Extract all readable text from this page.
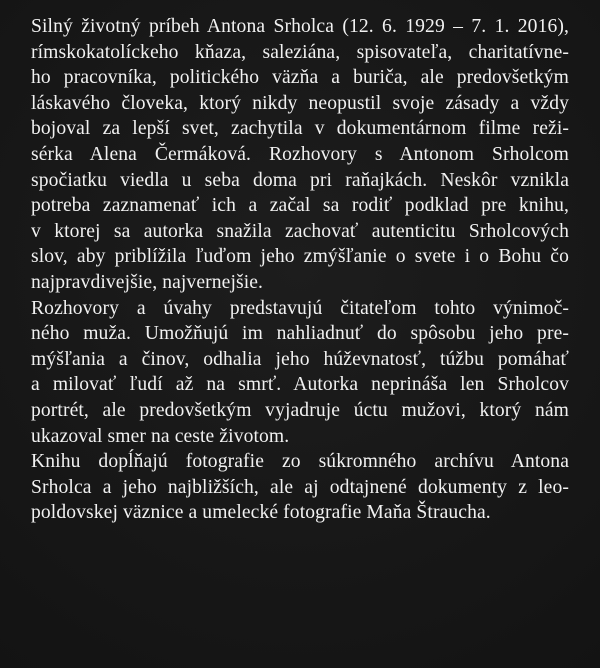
Silný životný príbeh Antona Srholca (12. 6. 1929 – 7. 1. 2016),
rímskokatolíckeho kňaza, saleziána, spisovateľa, charitatívne-
ho pracovníka, politického väzňa a buriča, ale predovšetkým
láskavého človeka, ktorý nikdy neopustil svoje zásady a vždy
bojoval za lepší svet, zachytila v dokumentárnom filme reži-
sérka Alena Čermáková. Rozhovory s Antonom Srholcom
spočiatku viedla u seba doma pri raňajkách. Neskôr vznikla
potreba zaznamenať ich a začal sa rodiť podklad pre knihu,
v ktorej sa autorka snažila zachovať autenticitu Srholcových
slov, aby priblížila ľuďom jeho zmýšľanie o svete i o Bohu čo
najpravdivejšie, najvernejšie.

Rozhovory a úvahy predstavujú čitateľom tohto výnimoč-
ného muža. Umožňujú im nahliadnuť do spôsobu jeho pre-
mýšľania a činov, odhalia jeho húževnatosť, túžbu pomáhať
a milovať ľudí až na smrť. Autorka neprináša len Srholcov
portrét, ale predovšetkým vyjadruje úctu mužovi, ktorý nám
ukazoval smer na ceste životom.

Knihu dopĺňajú fotografie zo súkromného archívu Antona
Srholca a jeho najbližších, ale aj odtajnené dokumenty z leo-
poldovskej väznice a umelecké fotografie Maňa Štraucha.
